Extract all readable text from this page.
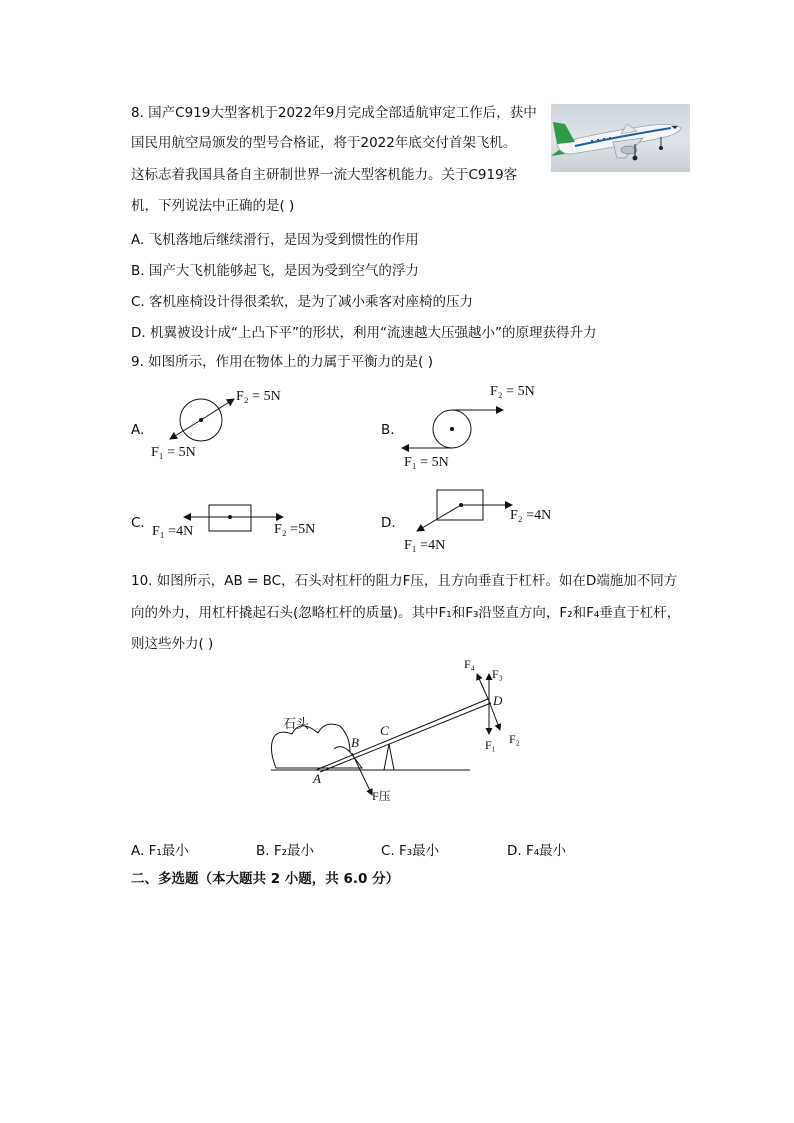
8. 国产C919大型客机于2022年9月完成全部适航审定工作后，获中
国民用航空局颁发的型号合格证，将于2022年底交付首架飞机。
这标志着我国具备自主研制世界一流大型客机能力。关于C919客
机，下列说法中正确的是( )
A. 飞机落地后继续滑行，是因为受到惯性的作用
B. 国产大飞机能够起飞，是因为受到空气的浮力
C. 客机座椅设计得很柔软，是为了减小乘客对座椅的压力
D. 机翼被设计成“上凸下平”的形状，利用“流速越大压强越小”的原理获得升力
9. 如图所示，作用在物体上的力属于平衡力的是( )
A.
F₂ = 5N
F₁ = 5N
B.
F₂ = 5N
F₁ = 5N
C.
F₁ =4N	F₂ =5N	D.	F₂ =4N
F₁ =4N
10. 如图所示，AB = BC，石头对杠杆的阻力F压，且方向垂直于杠杆。如在D端施加不同方
向的外力，用杠杆撬起石头(忽略杠杆的质量)。其中F₁和F₃沿竖直方向，F₂和F₄垂直于杠杆，
则这些外力( )
石头
A
B
C
D
F₁ F₂
F₃
F₄
F压
A. F₁最小	B. F₂最小	C. F₃最小	D. F₄最小
二、多选题（本大题共 2 小题，共 6.0 分）
